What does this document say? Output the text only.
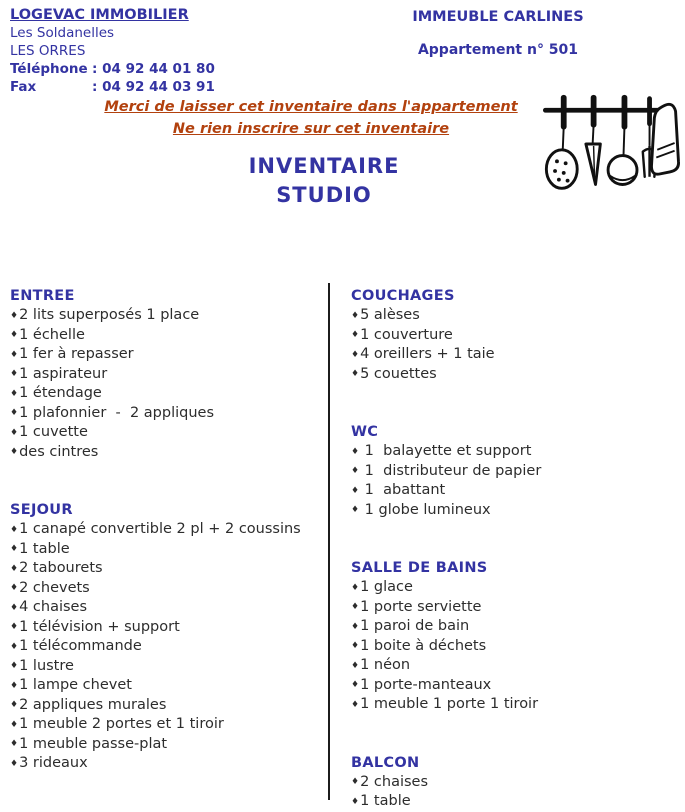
LOGEVAC IMMOBILIER
Les Soldanelles
LES ORRES
Téléphone : 04 92 44 01 80
Fax	: 04 92 44 03 91
IMMEUBLE CARLINES
Appartement n° 501
Merci de laisser cet inventaire dans l'appartement
Ne rien inscrire sur cet inventaire
INVENTAIRE
STUDIO
ENTREE
♦2 lits superposés 1 place
♦1 échelle
♦1 fer à repasser
♦1 aspirateur
♦1 étendage
♦1 plafonnier  -  2 appliques
♦1 cuvette
♦des cintres
SEJOUR
♦1 canapé convertible 2 pl + 2 coussins
♦1 table
♦2 tabourets
♦2 chevets
♦4 chaises
♦1 télévision + support
♦1 télécommande
♦1 lustre
♦1 lampe chevet
♦2 appliques murales
♦1 meuble 2 portes et 1 tiroir
♦1 meuble passe-plat
♦3 rideaux
COUCHAGES
♦5 alèses
♦1 couverture
♦4 oreillers + 1 taie
♦5 couettes
WC
♦ 1  balayette et support
♦ 1  distributeur de papier
♦ 1  abattant
♦ 1 globe lumineux
SALLE DE BAINS
♦1 glace
♦1 porte serviette
♦1 paroi de bain
♦1 boite à déchets
♦1 néon
♦1 porte-manteaux
♦1 meuble 1 porte 1 tiroir
BALCON
♦2 chaises
♦1 table
